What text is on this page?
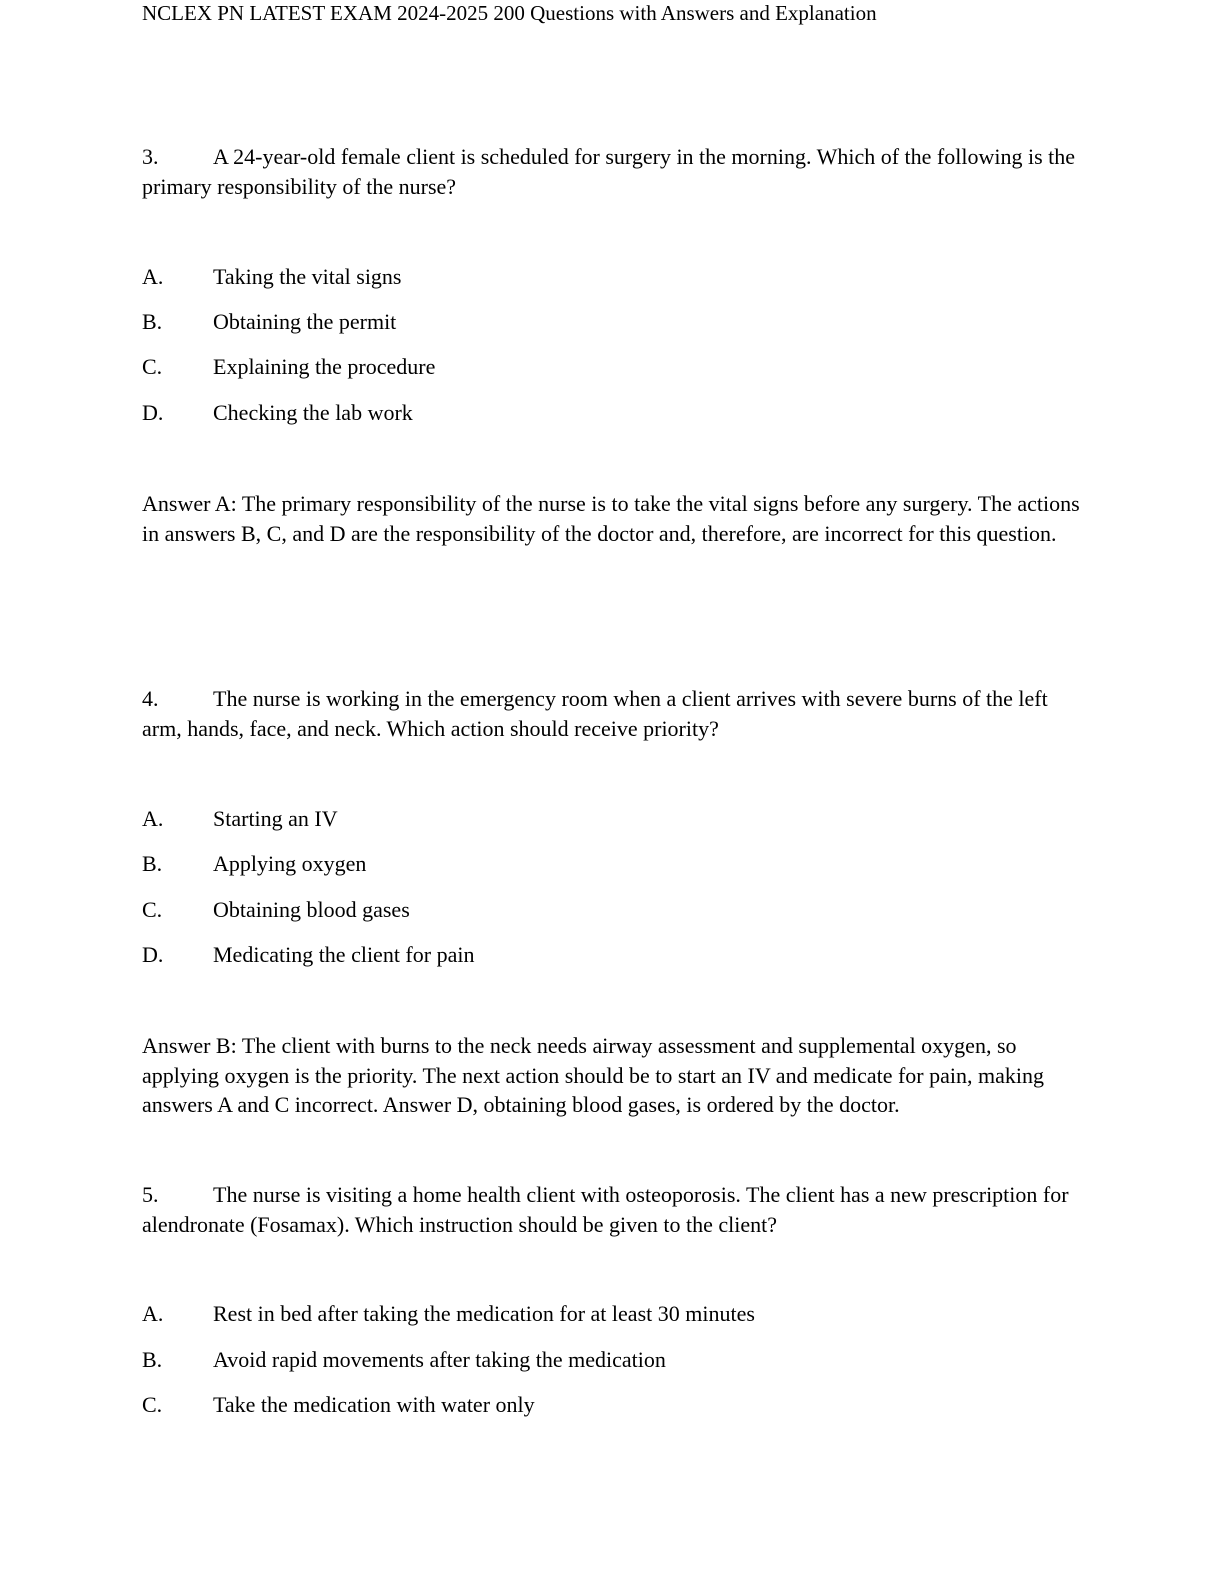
NCLEX PN LATEST EXAM 2024-2025 200 Questions with Answers and Explanation

3. A 24-year-old female client is scheduled for surgery in the morning. Which of the following is the primary responsibility of the nurse?

A. Taking the vital signs
B. Obtaining the permit
C. Explaining the procedure
D. Checking the lab work

Answer A: The primary responsibility of the nurse is to take the vital signs before any surgery. The actions in answers B, C, and D are the responsibility of the doctor and, therefore, are incorrect for this question.

4. The nurse is working in the emergency room when a client arrives with severe burns of the left arm, hands, face, and neck. Which action should receive priority?

A. Starting an IV
B. Applying oxygen
C. Obtaining blood gases
D. Medicating the client for pain

Answer B: The client with burns to the neck needs airway assessment and supplemental oxygen, so applying oxygen is the priority. The next action should be to start an IV and medicate for pain, making answers A and C incorrect. Answer D, obtaining blood gases, is ordered by the doctor.

5. The nurse is visiting a home health client with osteoporosis. The client has a new prescription for alendronate (Fosamax). Which instruction should be given to the client?

A. Rest in bed after taking the medication for at least 30 minutes
B. Avoid rapid movements after taking the medication
C. Take the medication with water only
